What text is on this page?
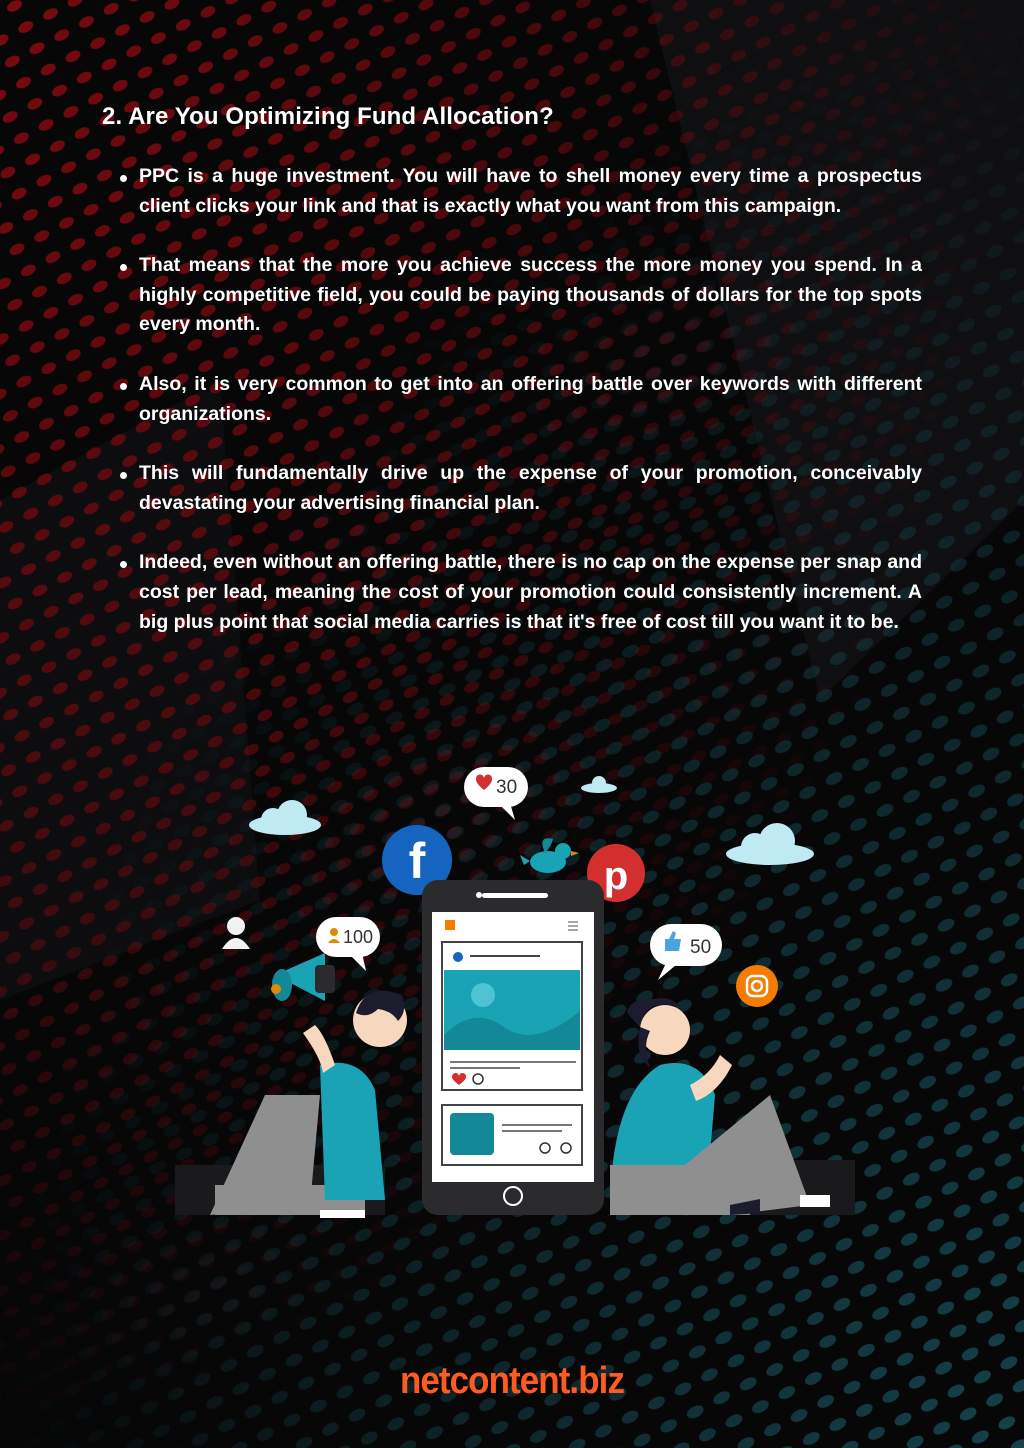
2. Are You Optimizing Fund Allocation?
PPC is a huge investment. You will have to shell money every time a prospectus client clicks your link and that is exactly what you want from this campaign.
That means that the more you achieve success the more money you spend. In a highly competitive field, you could be paying thousands of dollars for the top spots every month.
Also, it is very common to get into an offering battle over keywords with different organizations.
This will fundamentally drive up the expense of your promotion, conceivably devastating your advertising financial plan.
Indeed, even without an offering battle, there is no cap on the expense per snap and cost per lead, meaning the cost of your promotion could consistently increment. A big plus point that social media carries is that it's free of cost till you want it to be.
30
100	50
f	p
netcontent.biz
